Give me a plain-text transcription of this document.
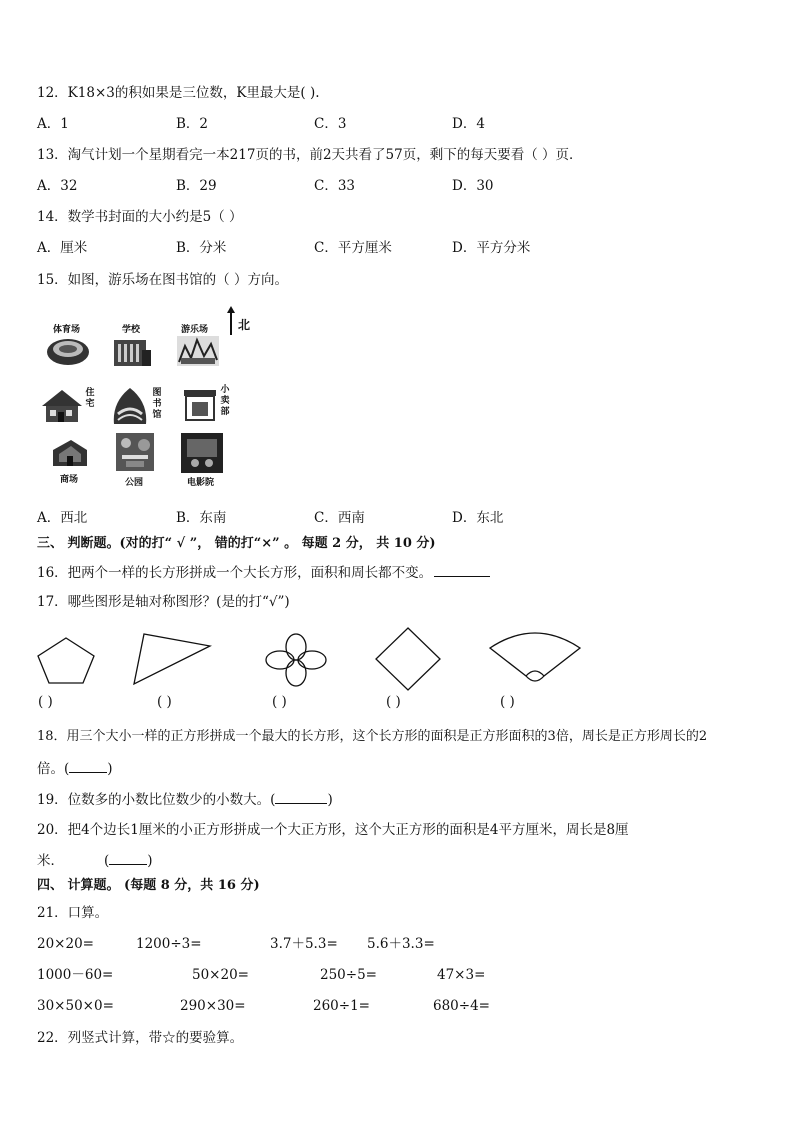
12．K18×3的积如果是三位数，K里最大是( ).
A．1	B．2	C．3	D．4
13．淘气计划一个星期看完一本217页的书，前2天共看了57页，剩下的每天要看（ ）页．
A．32	B．29	C．33	D．30
14．数学书封面的大小约是5（ ）
A．厘米	B．分米	C．平方厘米	D．平方分米
15．如图，游乐场在图书馆的（ ）方向。
北
体育场	学校	游乐场
住宅
图书馆
小卖部
商场	公园	电影院
A．西北	B．东南	C．西南	D．东北
三、 判断题。(对的打“ √ ”， 错的打“×” 。 每题 2 分， 共 10 分)
16．把两个一样的长方形拼成一个大长方形，面积和周长都不变。
17．哪些图形是轴对称图形？(是的打“√”)
( )	( )	( )	( )	( )
18．用三个大小一样的正方形拼成一个最大的长方形，这个长方形的面积是正方形面积的3倍，周长是正方形周长的2
倍。(	)
19．位数多的小数比位数少的小数大。(	)
20．把4个边长1厘米的小正方形拼成一个大正方形，这个大正方形的面积是4平方厘米，周长是8厘
米．	(	)
四、 计算题。 (每题 8 分，共 16 分)
21．口算。
20×20=	1200÷3=	3.7＋5.3= 5.6＋3.3=
1000－60=	50×20=	250÷5=	47×3=
30×50×0=	290×30=	260÷1=	680÷4=
22．列竖式计算，带☆的要验算。
